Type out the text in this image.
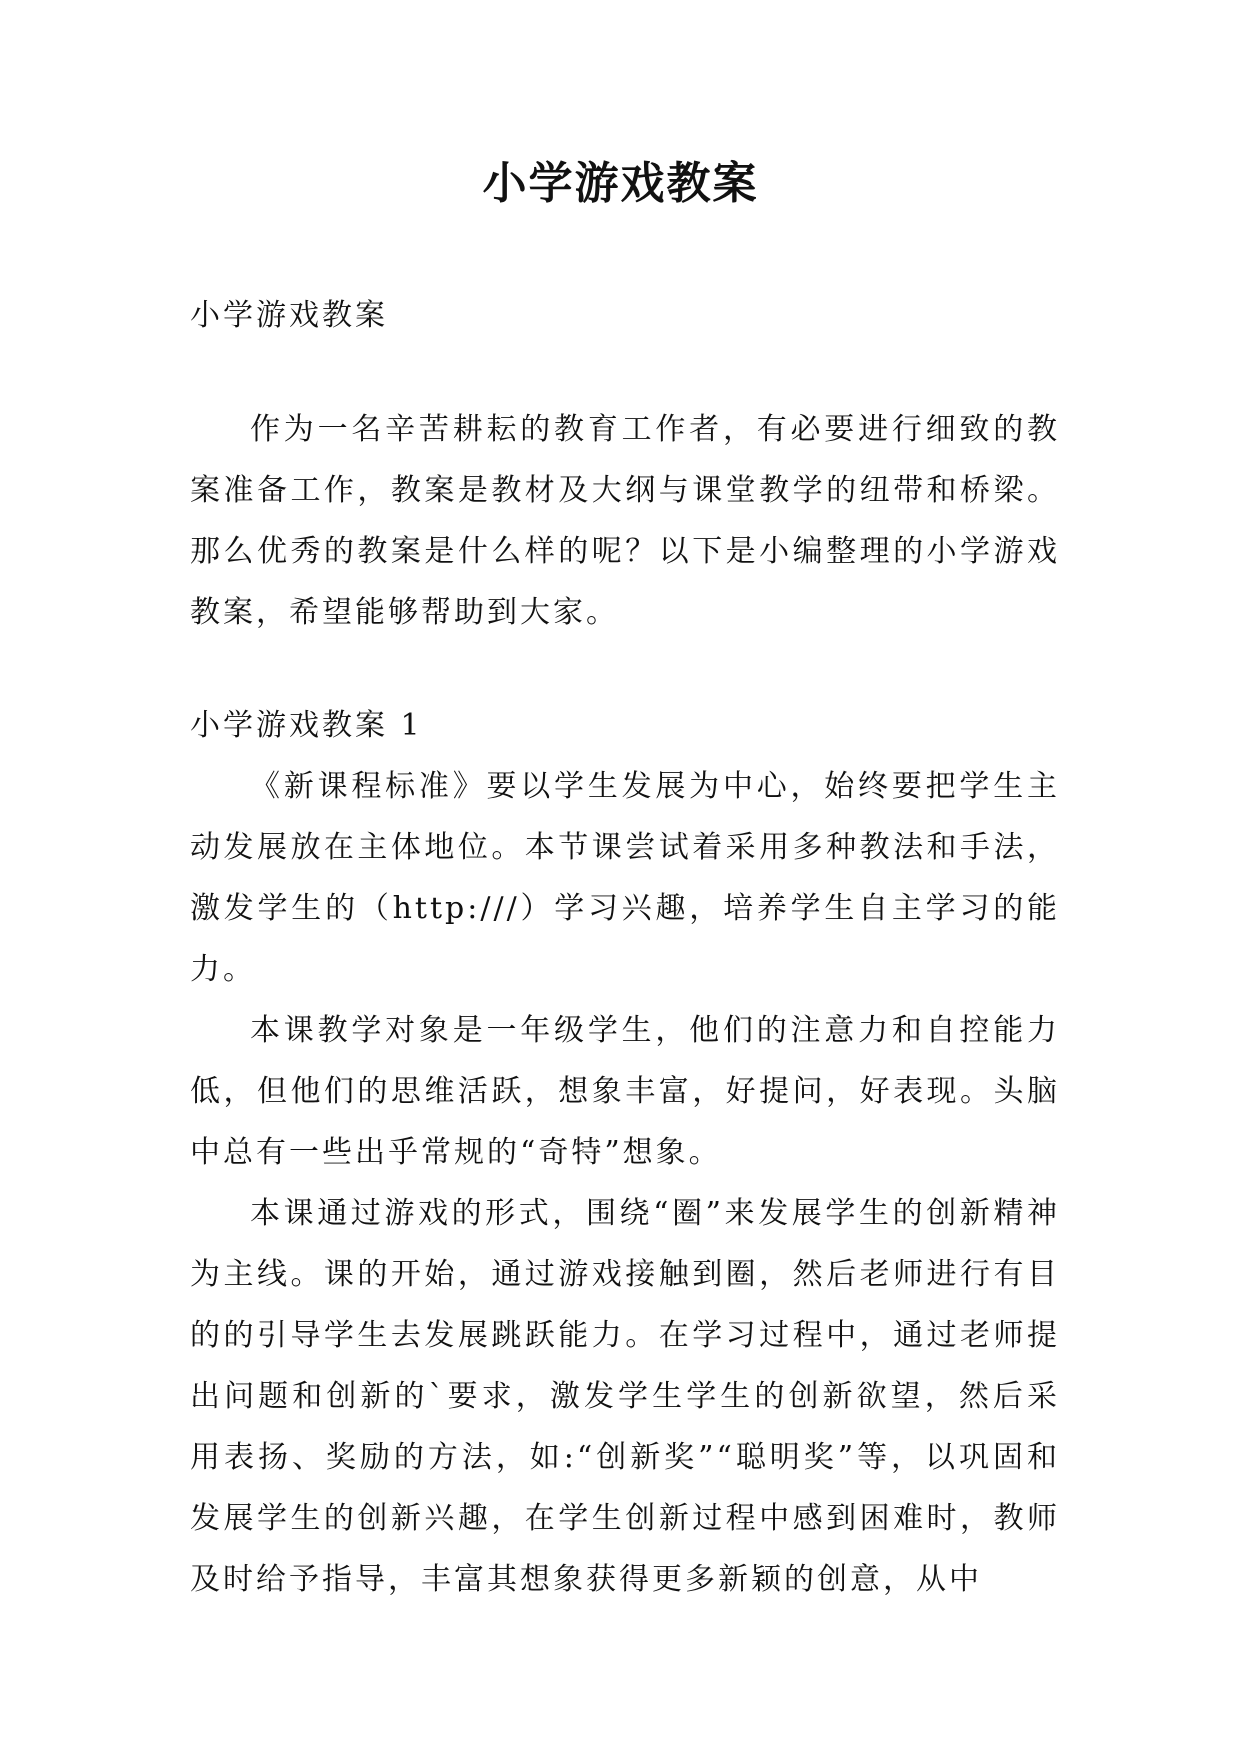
小学游戏教案

小学游戏教案

作为一名辛苦耕耘的教育工作者，有必要进行细致的教案准备工作，教案是教材及大纲与课堂教学的纽带和桥梁。那么优秀的教案是什么样的呢？以下是小编整理的小学游戏教案，希望能够帮助到大家。

小学游戏教案 1

《新课程标准》要以学生发展为中心，始终要把学生主动发展放在主体地位。本节课尝试着采用多种教法和手法，激发学生的（http:///）学习兴趣，培养学生自主学习的能力。

本课教学对象是一年级学生，他们的注意力和自控能力低，但他们的思维活跃，想象丰富，好提问，好表现。头脑中总有一些出乎常规的“奇特”想象。

本课通过游戏的形式，围绕“圈”来发展学生的创新精神为主线。课的开始，通过游戏接触到圈，然后老师进行有目的的引导学生去发展跳跃能力。在学习过程中，通过老师提出问题和创新的`要求，激发学生学生的创新欲望，然后采用表扬、奖励的方法，如:“创新奖”“聪明奖”等，以巩固和发展学生的创新兴趣，在学生创新过程中感到困难时，教师及时给予指导，丰富其想象获得更多新颖的创意，从中
